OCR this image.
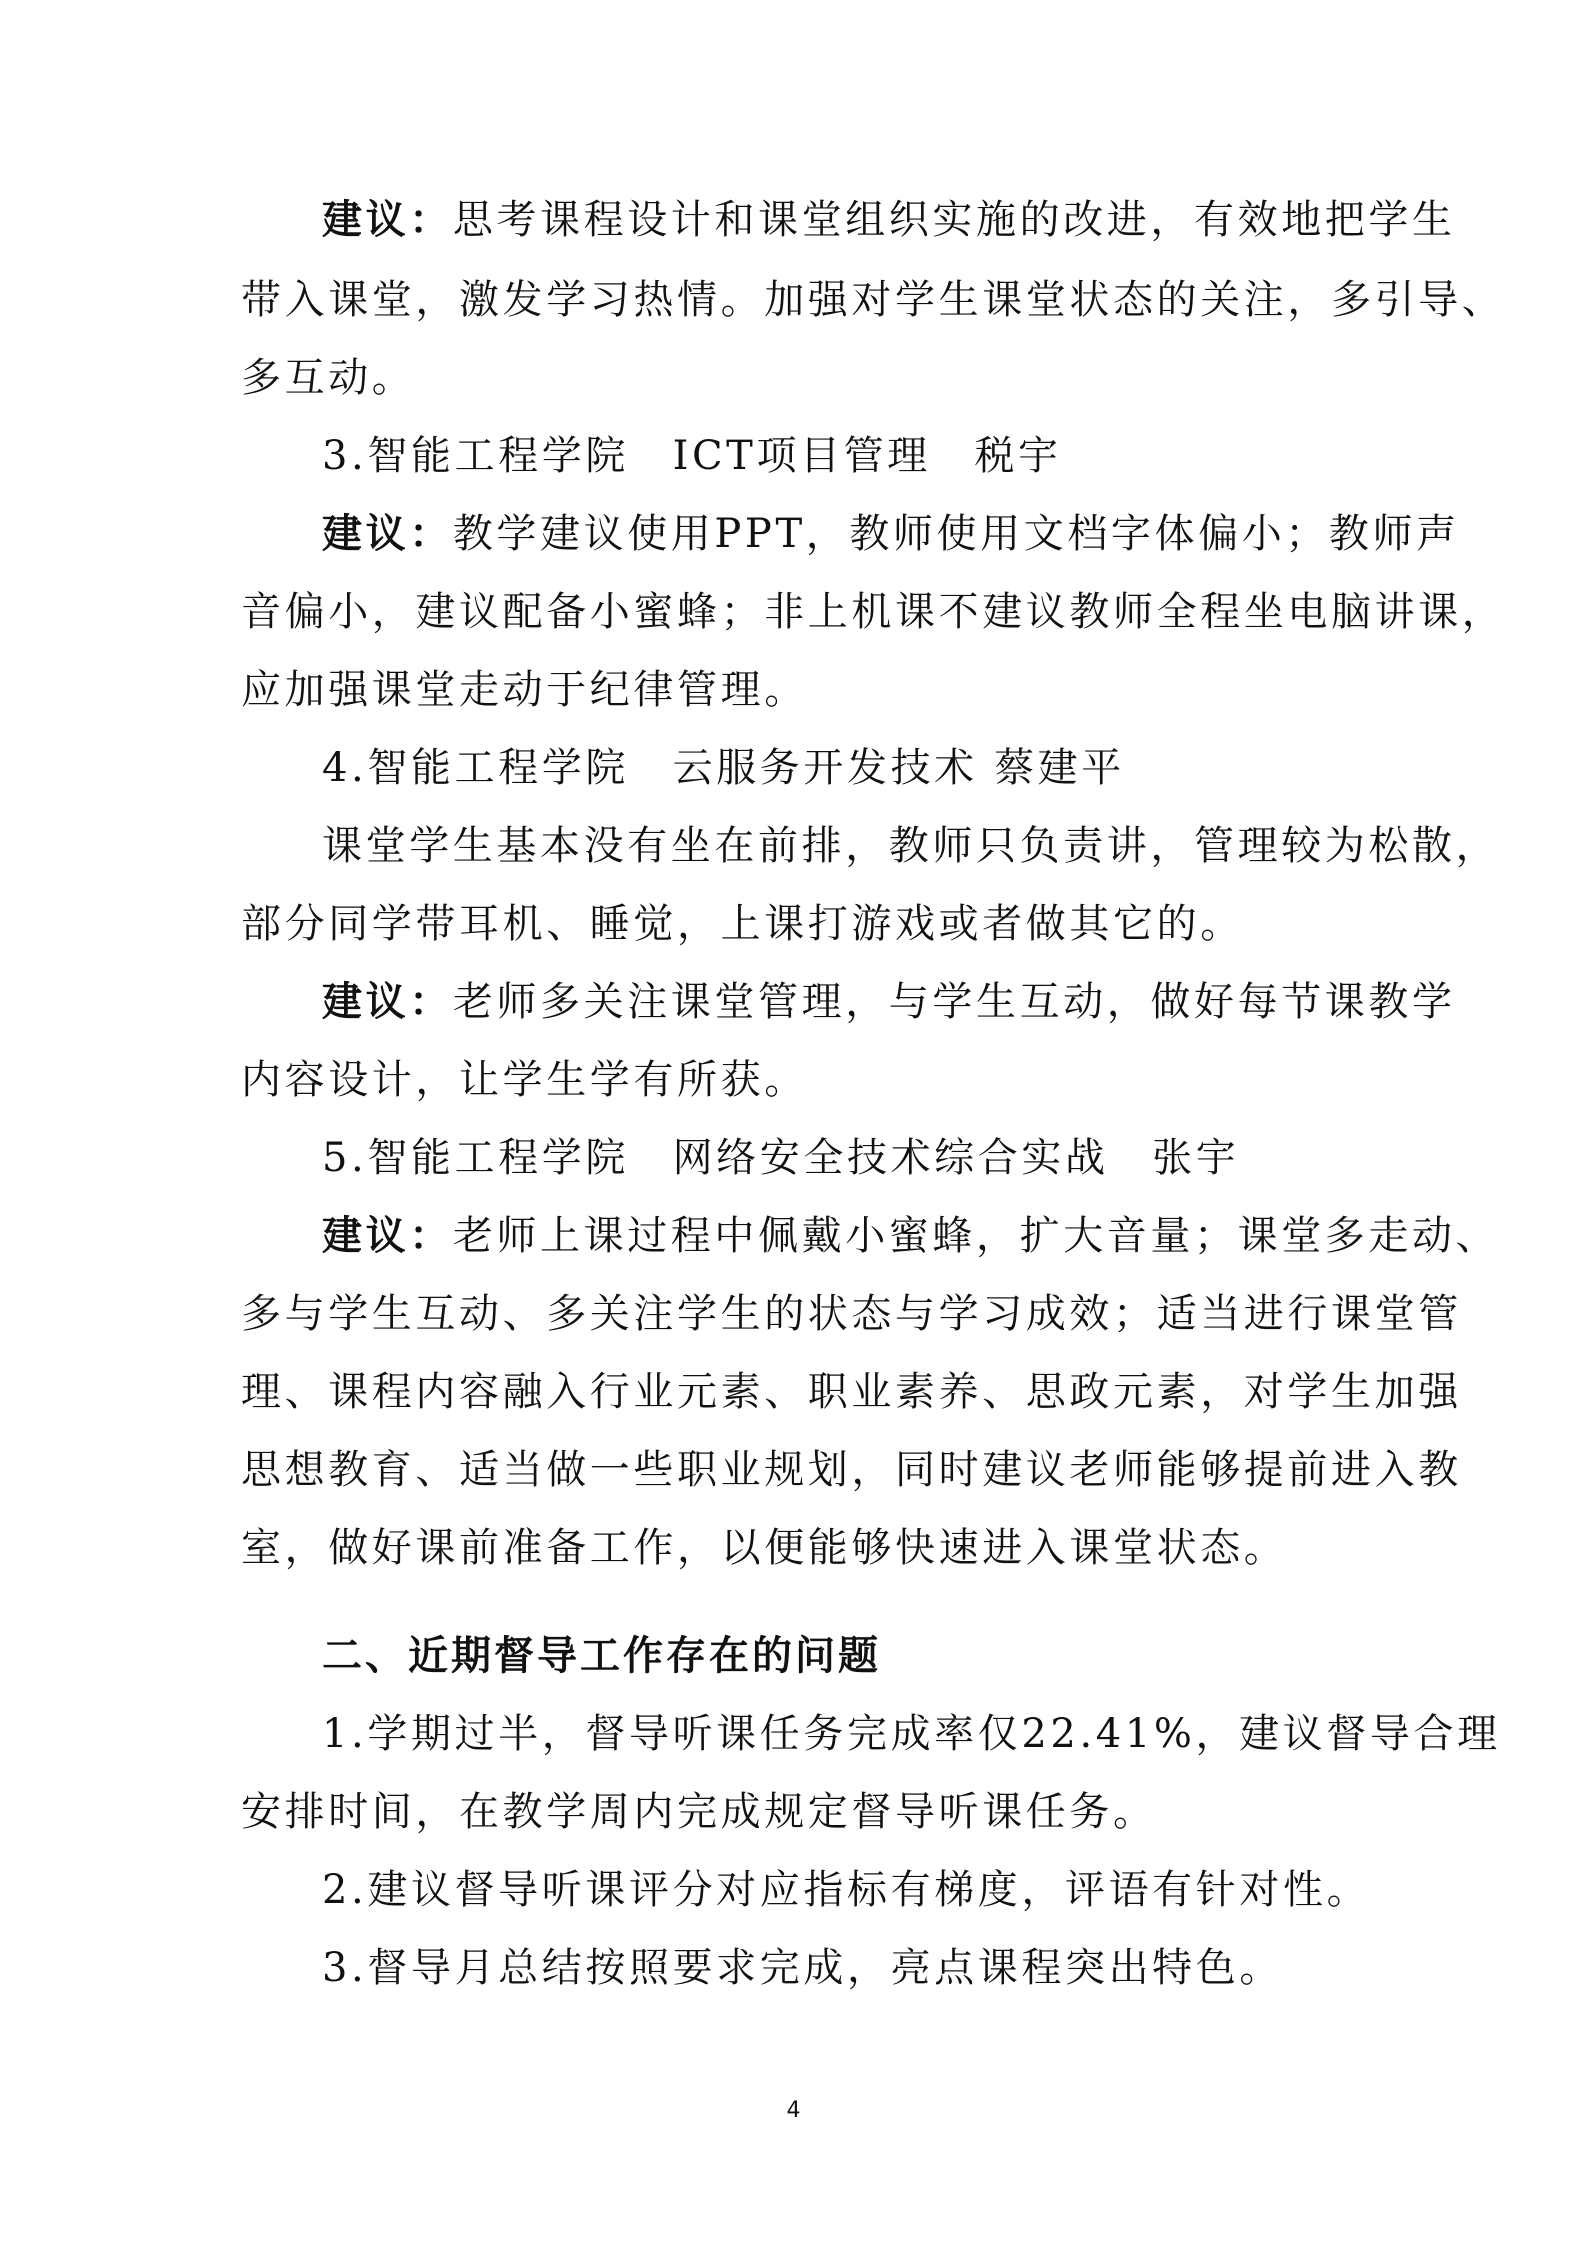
建议：思考课程设计和课堂组织实施的改进，有效地把学生
带入课堂，激发学习热情。加强对学生课堂状态的关注，多引导、
多互动。
3.智能工程学院　ICT项目管理　税宇
建议：教学建议使用PPT，教师使用文档字体偏小；教师声
音偏小，建议配备小蜜蜂；非上机课不建议教师全程坐电脑讲课，
应加强课堂走动于纪律管理。
4.智能工程学院　云服务开发技术 蔡建平
课堂学生基本没有坐在前排，教师只负责讲，管理较为松散，
部分同学带耳机、睡觉，上课打游戏或者做其它的。
建议：老师多关注课堂管理，与学生互动，做好每节课教学
内容设计，让学生学有所获。
5.智能工程学院　网络安全技术综合实战　张宇
建议：老师上课过程中佩戴小蜜蜂，扩大音量；课堂多走动、
多与学生互动、多关注学生的状态与学习成效；适当进行课堂管
理、课程内容融入行业元素、职业素养、思政元素，对学生加强
思想教育、适当做一些职业规划，同时建议老师能够提前进入教
室，做好课前准备工作，以便能够快速进入课堂状态。
二、近期督导工作存在的问题
1.学期过半，督导听课任务完成率仅22.41%，建议督导合理
安排时间，在教学周内完成规定督导听课任务。
2.建议督导听课评分对应指标有梯度，评语有针对性。
3.督导月总结按照要求完成，亮点课程突出特色。
4
